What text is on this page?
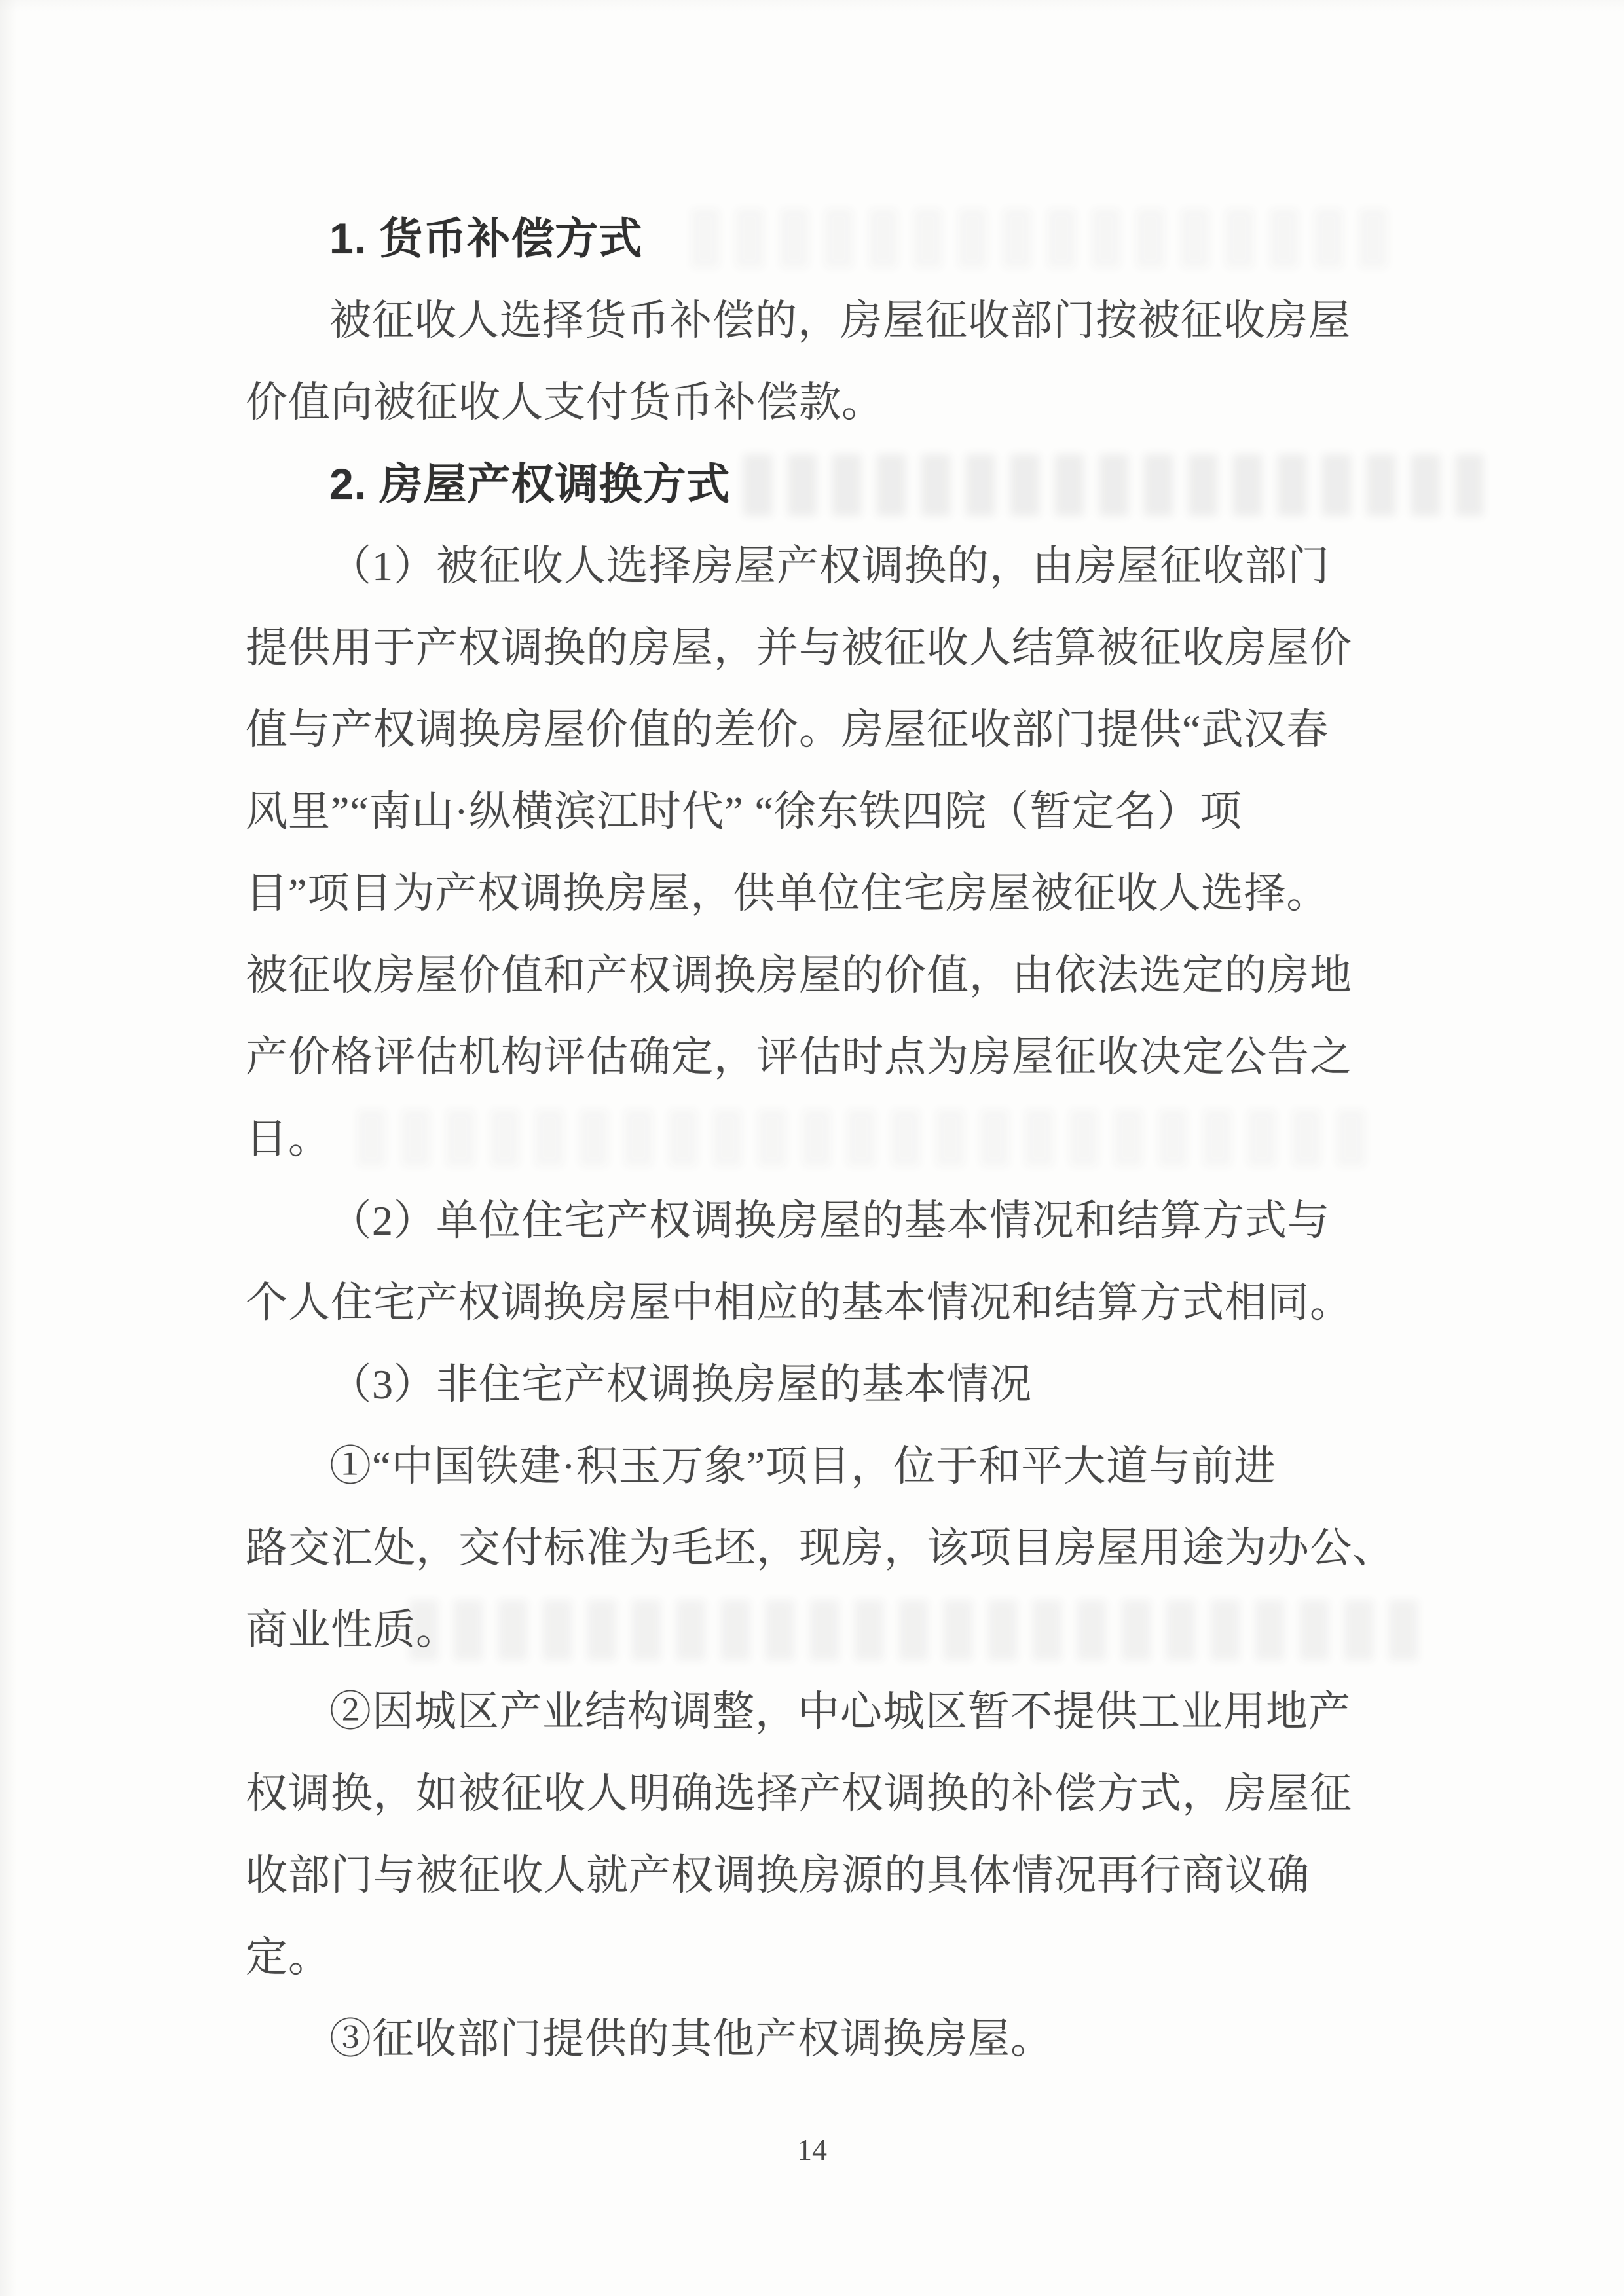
1. 货币补偿方式
被征收人选择货币补偿的，房屋征收部门按被征收房屋
价值向被征收人支付货币补偿款。
2. 房屋产权调换方式
（1）被征收人选择房屋产权调换的，由房屋征收部门
提供用于产权调换的房屋，并与被征收人结算被征收房屋价
值与产权调换房屋价值的差价。房屋征收部门提供“武汉春
风里”“南山·纵横滨江时代” “徐东铁四院（暂定名）项
目”项目为产权调换房屋，供单位住宅房屋被征收人选择。
被征收房屋价值和产权调换房屋的价值，由依法选定的房地
产价格评估机构评估确定，评估时点为房屋征收决定公告之
日。
（2）单位住宅产权调换房屋的基本情况和结算方式与
个人住宅产权调换房屋中相应的基本情况和结算方式相同。
（3）非住宅产权调换房屋的基本情况
①“中国铁建·积玉万象”项目，位于和平大道与前进
路交汇处，交付标准为毛坯，现房，该项目房屋用途为办公、
商业性质。
②因城区产业结构调整，中心城区暂不提供工业用地产
权调换，如被征收人明确选择产权调换的补偿方式，房屋征
收部门与被征收人就产权调换房源的具体情况再行商议确
定。
③征收部门提供的其他产权调换房屋。
14
